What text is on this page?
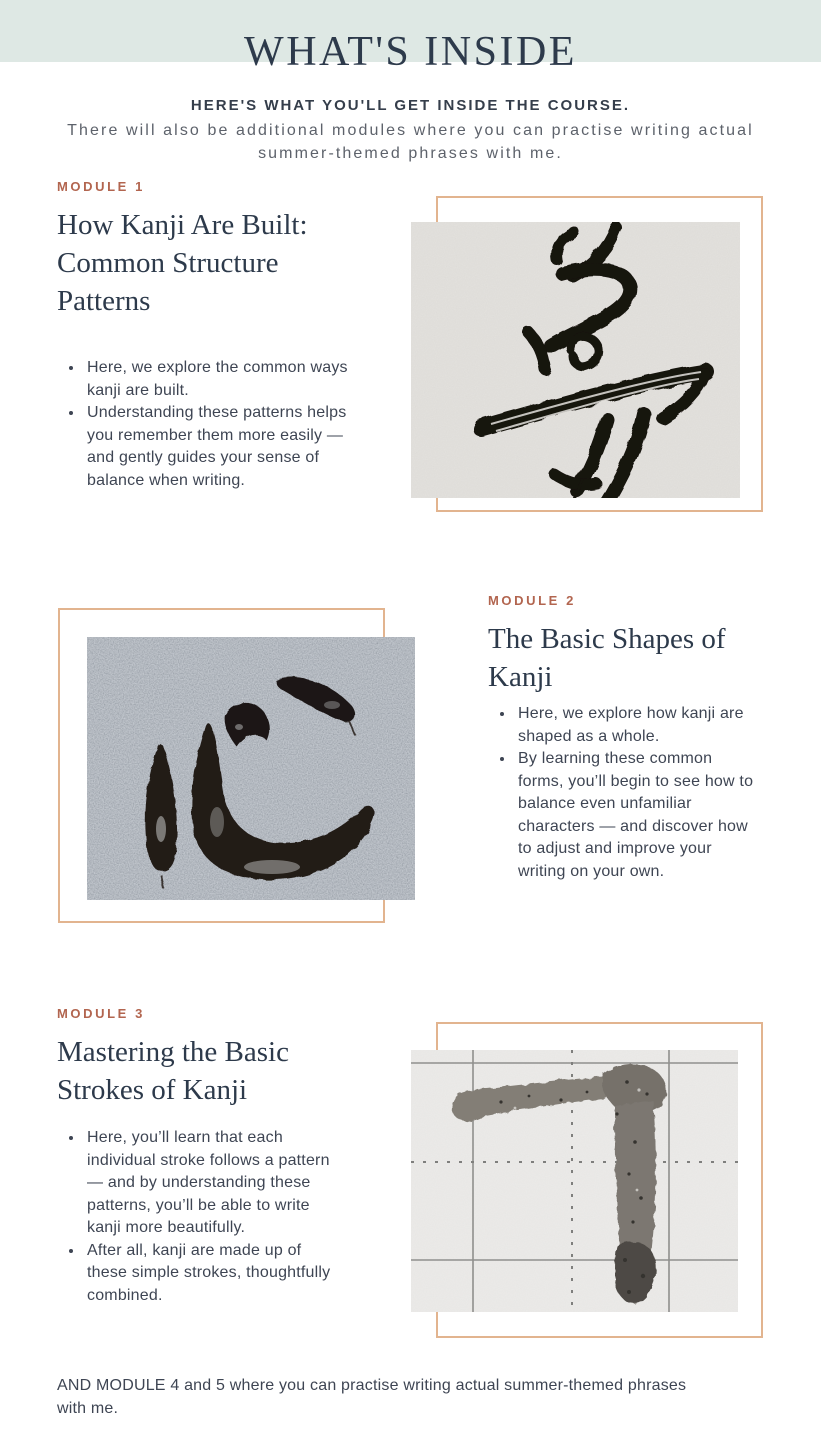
WHAT'S INSIDE
HERE'S WHAT YOU'LL GET INSIDE THE COURSE.
There will also be additional modules where you can practise writing actual summer-themed phrases with me.
MODULE 1
How Kanji Are Built: Common Structure Patterns
• Here, we explore the common ways kanji are built.
• Understanding these patterns helps you remember them more easily — and gently guides your sense of balance when writing.
MODULE 2
The Basic Shapes of Kanji
• Here, we explore how kanji are shaped as a whole.
• By learning these common forms, you’ll begin to see how to balance even unfamiliar characters — and discover how to adjust and improve your writing on your own.
MODULE 3
Mastering the Basic Strokes of Kanji
• Here, you’ll learn that each individual stroke follows a pattern — and by understanding these patterns, you’ll be able to write kanji more beautifully.
• After all, kanji are made up of these simple strokes, thoughtfully combined.

AND MODULE 4 and 5 where you can practise writing actual summer-themed phrases with me.
